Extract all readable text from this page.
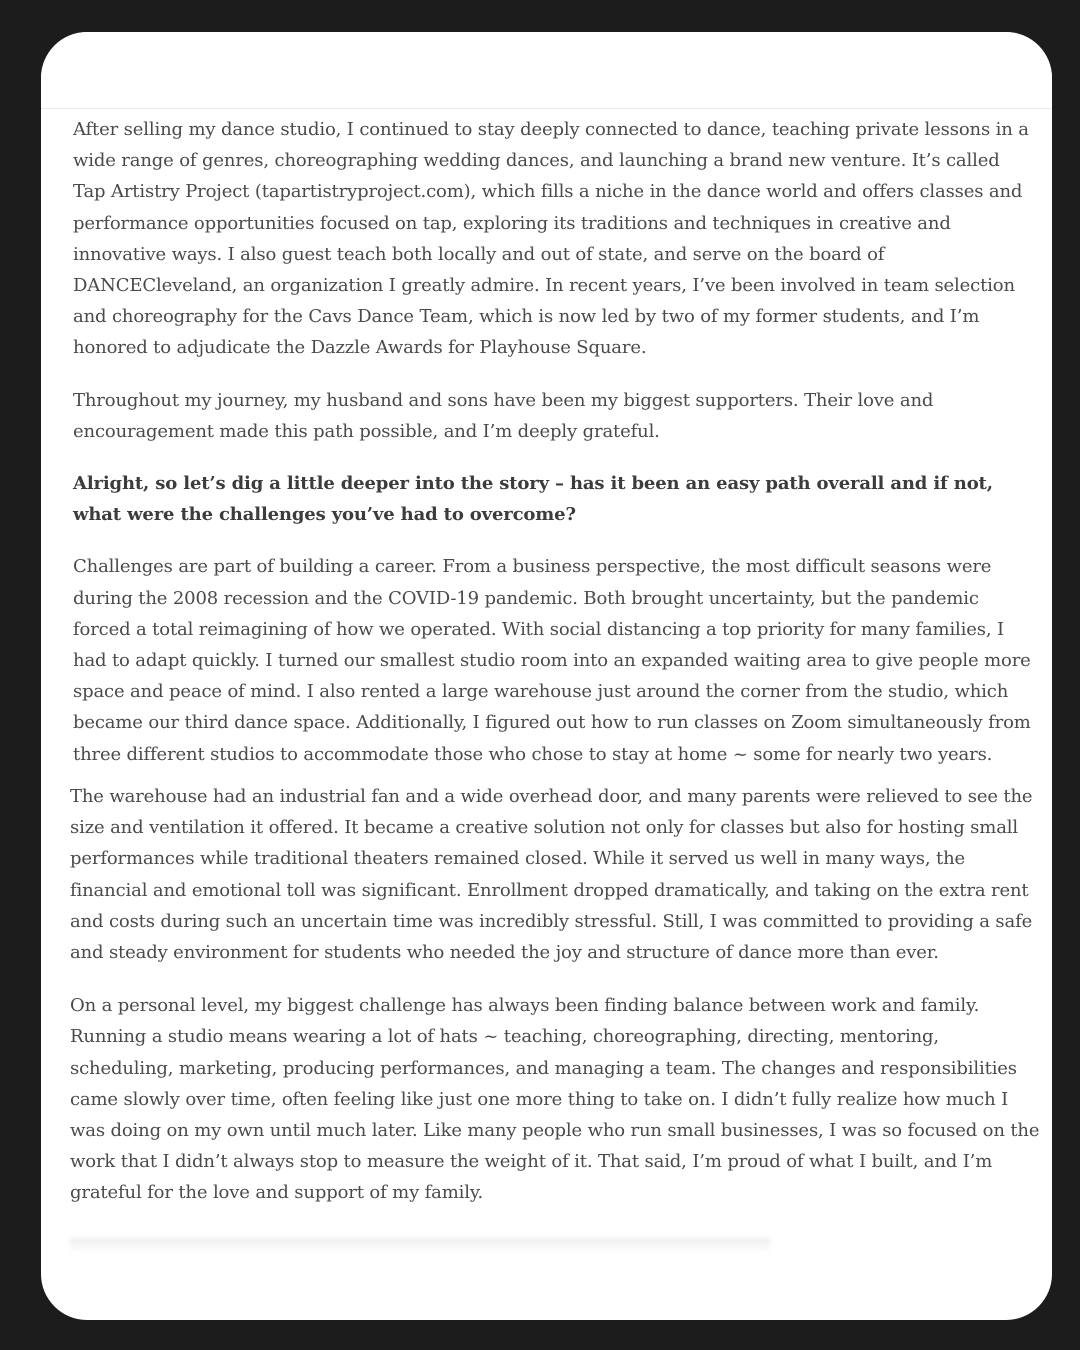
After selling my dance studio, I continued to stay deeply connected to dance, teaching private lessons in a wide range of genres, choreographing wedding dances, and launching a brand new venture. It’s called Tap Artistry Project (tapartistryproject.com), which fills a niche in the dance world and offers classes and performance opportunities focused on tap, exploring its traditions and techniques in creative and innovative ways. I also guest teach both locally and out of state, and serve on the board of DANCECleveland, an organization I greatly admire. In recent years, I’ve been involved in team selection and choreography for the Cavs Dance Team, which is now led by two of my former students, and I’m honored to adjudicate the Dazzle Awards for Playhouse Square.

Throughout my journey, my husband and sons have been my biggest supporters. Their love and encouragement made this path possible, and I’m deeply grateful.

Alright, so let’s dig a little deeper into the story – has it been an easy path overall and if not, what were the challenges you’ve had to overcome?

Challenges are part of building a career. From a business perspective, the most difficult seasons were during the 2008 recession and the COVID-19 pandemic. Both brought uncertainty, but the pandemic forced a total reimagining of how we operated. With social distancing a top priority for many families, I had to adapt quickly. I turned our smallest studio room into an expanded waiting area to give people more space and peace of mind. I also rented a large warehouse just around the corner from the studio, which became our third dance space. Additionally, I figured out how to run classes on Zoom simultaneously from three different studios to accommodate those who chose to stay at home ~ some for nearly two years.

The warehouse had an industrial fan and a wide overhead door, and many parents were relieved to see the size and ventilation it offered. It became a creative solution not only for classes but also for hosting small performances while traditional theaters remained closed. While it served us well in many ways, the financial and emotional toll was significant. Enrollment dropped dramatically, and taking on the extra rent and costs during such an uncertain time was incredibly stressful. Still, I was committed to providing a safe and steady environment for students who needed the joy and structure of dance more than ever.

On a personal level, my biggest challenge has always been finding balance between work and family. Running a studio means wearing a lot of hats ~ teaching, choreographing, directing, mentoring, scheduling, marketing, producing performances, and managing a team. The changes and responsibilities came slowly over time, often feeling like just one more thing to take on. I didn’t fully realize how much I was doing on my own until much later. Like many people who run small businesses, I was so focused on the work that I didn’t always stop to measure the weight of it. That said, I’m proud of what I built, and I’m grateful for the love and support of my family.
